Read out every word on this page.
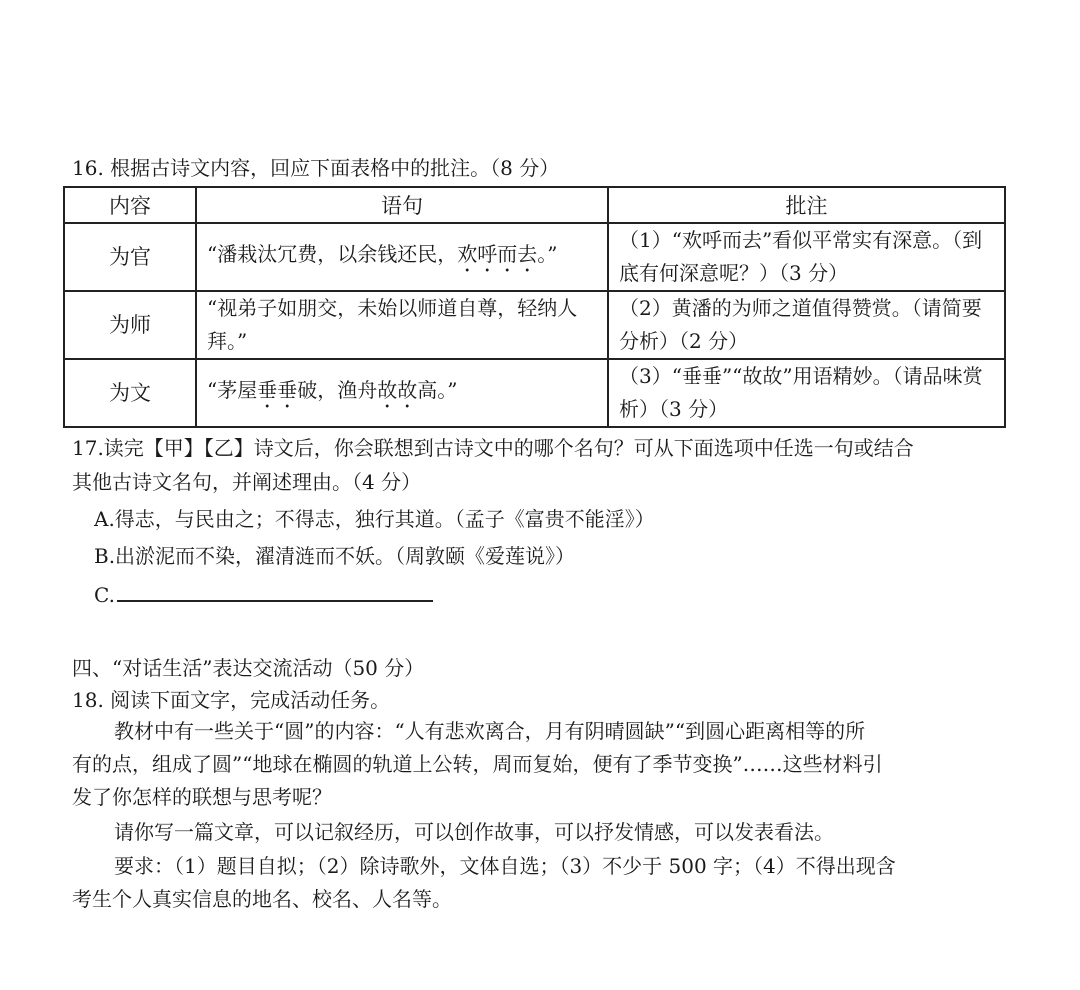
16. 根据古诗文内容，回应下面表格中的批注。（8 分）
内容	语句	批注
为官	“潘栽汰冗费，以余钱还民，欢呼而去。”	（1）“欢呼而去”看似平常实有深意。（到底有何深意呢？）（3 分）
为师	“视弟子如朋交，未始以师道自尊，轻纳人拜。”	（2）黄潘的为师之道值得赞赏。（请简要分析）（2 分）
为文	“茅屋垂垂破，渔舟故故高。”	（3）“垂垂”“故故”用语精妙。（请品味赏析）（3 分）
17.读完【甲】【乙】诗文后，你会联想到古诗文中的哪个名句？可从下面选项中任选一句或结合
其他古诗文名句，并阐述理由。（4 分）
A.得志，与民由之；不得志，独行其道。（孟子《富贵不能淫》）
B.出淤泥而不染，濯清涟而不妖。（周敦颐《爱莲说》）
C.
四、“对话生活”表达交流活动（50 分）
18. 阅读下面文字，完成活动任务。
教材中有一些关于“圆”的内容：“人有悲欢离合，月有阴晴圆缺”“到圆心距离相等的所
有的点，组成了圆”“地球在椭圆的轨道上公转，周而复始，便有了季节变换”……这些材料引
发了你怎样的联想与思考呢？
请你写一篇文章，可以记叙经历，可以创作故事，可以抒发情感，可以发表看法。
要求：（1）题目自拟；（2）除诗歌外，文体自选；（3）不少于 500 字；（4）不得出现含
考生个人真实信息的地名、校名、人名等。
